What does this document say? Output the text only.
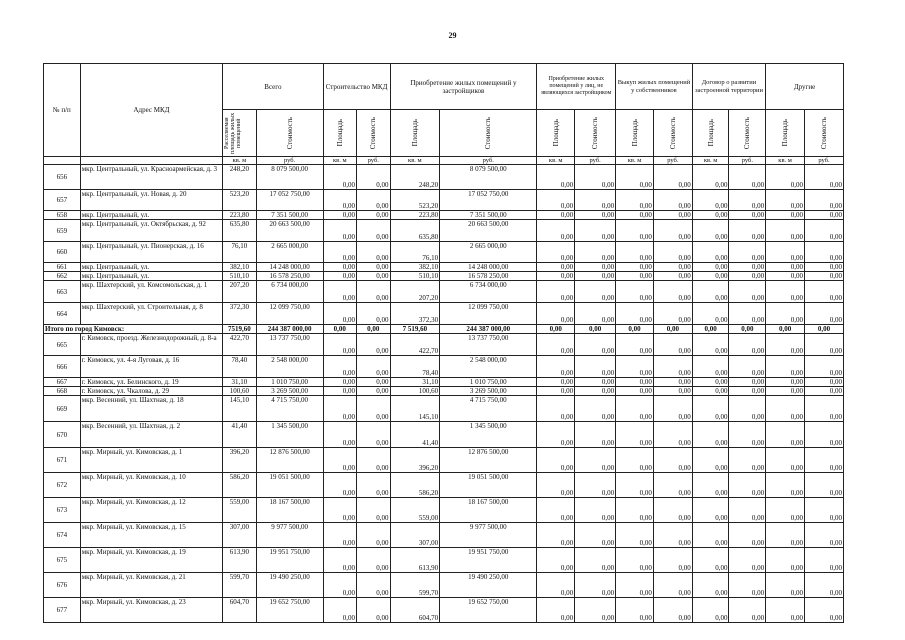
29
№ п/п	Адрес МКД	Всего		Строительство МКД		Приобретение жилых помещений у застройщиков		Приобретение жилых помещений у лиц, не являющихся застройщиком		Выкуп жилых помещений у собственников		Договор о развитии застроенной территории		Другие	

		Расселяемая площадь жилых помещений	Стоимость	Площадь	Стоимость	Площадь	Стоимость	Площадь	Стоимость	Площадь	Стоимость	Площадь	Стоимость	Площадь	Стоимость

		кв. м	руб.	кв. м	руб.	кв. м	руб.	кв. м	руб.	кв. м	руб.	кв. м	руб.	кв. м	руб.
656	мкр. Центральный, ул. Красноармейская, д. 3	248,20	8 079 500,00	0,00	0,00	248,20	8 079 500,00	0,00	0,00	0,00	0,00	0,00	0,00	0,00	0,00
657	мкр. Центральный, ул. Новая, д. 20	523,20	17 052 750,00	0,00	0,00	523,20	17 052 750,00	0,00	0,00	0,00	0,00	0,00	0,00	0,00	0,00
658	мкр. Центральный, ул.	223,80	7 351 500,00	0,00	0,00	223,80	7 351 500,00	0,00	0,00	0,00	0,00	0,00	0,00	0,00	0,00
659	мкр. Центральный, ул. Октябрьская, д. 92	635,80	20 663 500,00	0,00	0,00	635,80	20 663 500,00	0,00	0,00	0,00	0,00	0,00	0,00	0,00	0,00
660	мкр. Центральный, ул. Пионерская, д. 16	76,10	2 665 000,00	0,00	0,00	76,10	2 665 000,00	0,00	0,00	0,00	0,00	0,00	0,00	0,00	0,00
661	мкр. Центральный, ул.	382,10	14 248 000,00	0,00	0,00	382,10	14 248 000,00	0,00	0,00	0,00	0,00	0,00	0,00	0,00	0,00
662	мкр. Центральный, ул.	510,10	16 578 250,00	0,00	0,00	510,10	16 578 250,00	0,00	0,00	0,00	0,00	0,00	0,00	0,00	0,00
663	мкр. Шахтерский, ул. Комсомольская, д. 1	207,20	6 734 000,00	0,00	0,00	207,20	6 734 000,00	0,00	0,00	0,00	0,00	0,00	0,00	0,00	0,00
664	мкр. Шахтерский, ул. Строительная, д. 8	372,30	12 099 750,00	0,00	0,00	372,30	12 099 750,00	0,00	0,00	0,00	0,00	0,00	0,00	0,00	0,00
Итого по город Кимовск:		7519,60	244 387 000,00	0,00	0,00	7 519,60	244 387 000,00	0,00	0,00	0,00	0,00	0,00	0,00	0,00	0,00
665	г. Кимовск, проезд. Железнодорожный, д. 8-а	422,70	13 737 750,00	0,00	0,00	422,70	13 737 750,00	0,00	0,00	0,00	0,00	0,00	0,00	0,00	0,00
666	г. Кимовск, ул. 4-я Луговая, д. 16	78,40	2 548 000,00	0,00	0,00	78,40	2 548 000,00	0,00	0,00	0,00	0,00	0,00	0,00	0,00	0,00
667	г. Кимовск, ул. Белинского, д. 19	31,10	1 010 750,00	0,00	0,00	31,10	1 010 750,00	0,00	0,00	0,00	0,00	0,00	0,00	0,00	0,00
668	г. Кимовск, ул. Чкалова, д. 29	100,60	3 269 500,00	0,00	0,00	100,60	3 269 500,00	0,00	0,00	0,00	0,00	0,00	0,00	0,00	0,00
669	мкр. Весенний, ул. Шахтная, д. 18	145,10	4 715 750,00	0,00	0,00	145,10	4 715 750,00	0,00	0,00	0,00	0,00	0,00	0,00	0,00	0,00
670	мкр. Весенний, ул. Шахтная, д. 2	41,40	1 345 500,00	0,00	0,00	41,40	1 345 500,00	0,00	0,00	0,00	0,00	0,00	0,00	0,00	0,00
671	мкр. Мирный, ул. Кимовская, д. 1	396,20	12 876 500,00	0,00	0,00	396,20	12 876 500,00	0,00	0,00	0,00	0,00	0,00	0,00	0,00	0,00
672	мкр. Мирный, ул. Кимовская, д. 10	586,20	19 051 500,00	0,00	0,00	586,20	19 051 500,00	0,00	0,00	0,00	0,00	0,00	0,00	0,00	0,00
673	мкр. Мирный, ул. Кимовская, д. 12	559,00	18 167 500,00	0,00	0,00	559,00	18 167 500,00	0,00	0,00	0,00	0,00	0,00	0,00	0,00	0,00
674	мкр. Мирный, ул. Кимовская, д. 15	307,00	9 977 500,00	0,00	0,00	307,00	9 977 500,00	0,00	0,00	0,00	0,00	0,00	0,00	0,00	0,00
675	мкр. Мирный, ул. Кимовская, д. 19	613,90	19 951 750,00	0,00	0,00	613,90	19 951 750,00	0,00	0,00	0,00	0,00	0,00	0,00	0,00	0,00
676	мкр. Мирный, ул. Кимовская, д. 21	599,70	19 490 250,00	0,00	0,00	599,70	19 490 250,00	0,00	0,00	0,00	0,00	0,00	0,00	0,00	0,00
677	мкр. Мирный, ул. Кимовская, д. 23	604,70	19 652 750,00	0,00	0,00	604,70	19 652 750,00	0,00	0,00	0,00	0,00	0,00	0,00	0,00	0,00
